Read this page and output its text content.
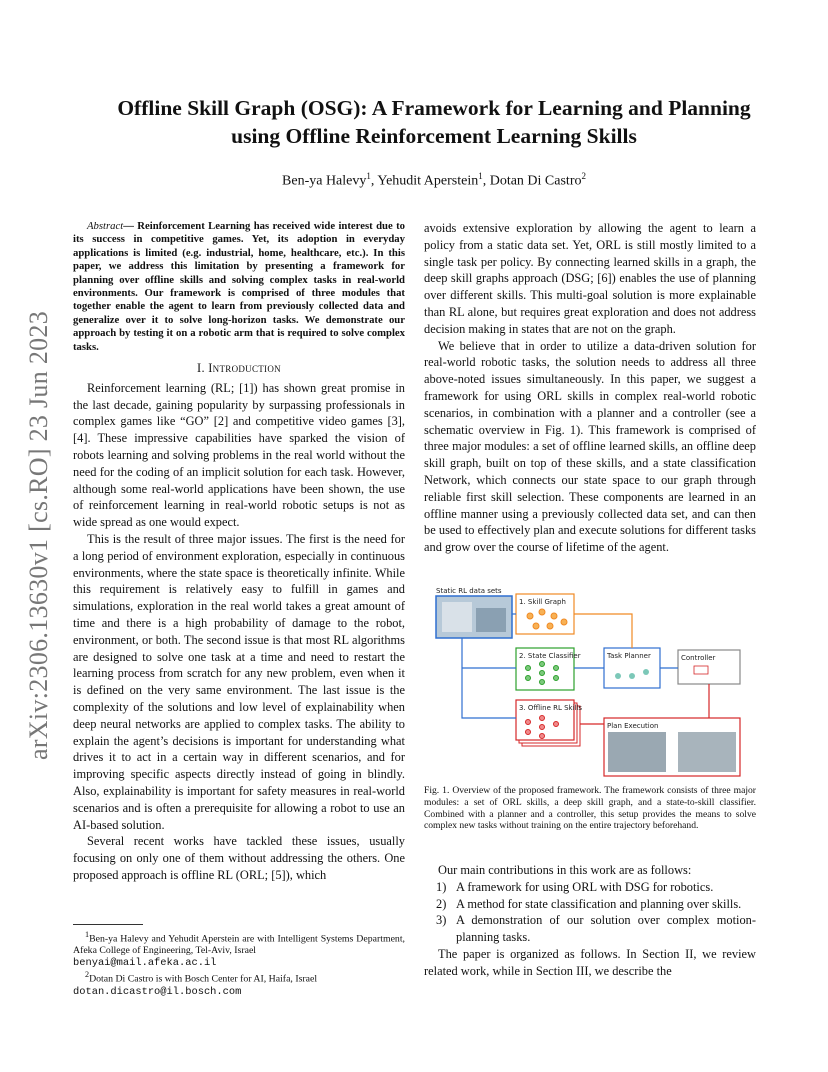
arXiv:2306.13630v1 [cs.RO] 23 Jun 2023
Offline Skill Graph (OSG): A Framework for Learning and Planning
using Offline Reinforcement Learning Skills
Ben-ya Halevy$^1$, Yehudit Aperstein$^1$, Dotan Di Castro$^2$

Abstract— Reinforcement Learning has received wide interest due to its success in competitive games. Yet, its adoption in everyday applications is limited (e.g. industrial, home, healthcare, etc.). In this paper, we address this limitation by presenting a framework for planning over offline skills and solving complex tasks in real-world environments. Our framework is comprised of three modules that together enable the agent to learn from previously collected data and generalize over it to solve long-horizon tasks. We demonstrate our approach by testing it on a robotic arm that is required to solve complex tasks.

I. Introduction

Reinforcement learning (RL; [1]) has shown great promise in the last decade, gaining popularity by surpassing professionals in complex games like “GO” [2] and competitive video games [3], [4]. These impressive capabilities have sparked the vision of robots learning and solving problems in the real world without the need for the coding of an implicit solution for each task. However, although some real-world applications have been shown, the use of reinforcement learning in real-world robotic setups is not as wide spread as one would expect.

This is the result of three major issues. The first is the need for a long period of environment exploration, especially in continuous environments, where the state space is theoretically infinite. While this requirement is relatively easy to fulfill in games and simulations, exploration in the real world takes a great amount of time and there is a high probability of damage to the robot, environment, or both. The second issue is that most RL algorithms are designed to solve one task at a time and need to restart the learning process from scratch for any new problem, even when it is defined on the very same environment. The last issue is the complexity of the solutions and low level of explainability when deep neural networks are applied to complex tasks. The ability to explain the agent’s decisions is important for understanding what drives it to act in a certain way in different scenarios, and for improving specific aspects directly instead of going in blindly. Also, explainability is important for safety measures in real-world scenarios and is often a prerequisite for allowing a robot to use an AI-based solution.

Several recent works have tackled these issues, usually focusing on only one of them without addressing the others. One proposed approach is offline RL (ORL; [5]), which

$^1$Ben-ya Halevy and Yehudit Aperstein are with Intelligent Systems Department, Afeka College of Engineering, Tel-Aviv, Israel
benyai@mail.afeka.ac.il

$^2$Dotan Di Castro is with Bosch Center for AI, Haifa, Israel
dotan.dicastro@il.bosch.com

avoids extensive exploration by allowing the agent to learn a policy from a static data set. Yet, ORL is still mostly limited to a single task per policy. By connecting learned skills in a graph, the deep skill graphs approach (DSG; [6]) enables the use of planning over different skills. This multi-goal solution is more explainable than RL alone, but requires great exploration and does not address decision making in states that are not on the graph.

We believe that in order to utilize a data-driven solution for real-world robotic tasks, the solution needs to address all three above-noted issues simultaneously. In this paper, we suggest a framework for using ORL skills in complex real-world robotic scenarios, in combination with a planner and a controller (see a schematic overview in Fig. 1). This framework is comprised of three major modules: a set of offline learned skills, an offline deep skill graph, built on top of these skills, and a state classification Network, which connects our state space to our graph through reliable first skill selection. These components are learned in an offline manner using a previously collected data set, and can then be used to effectively plan and execute solutions for different tasks and grow over the course of lifetime of the agent.

Static RL data sets
1. Skill Graph
2. State Classifier
3. Offline RL Skills
Task Planner	Controller
Plan Execution
Fig. 1. Overview of the proposed framework. The framework consists of three major modules: a set of ORL skills, a deep skill graph, and a state-to-skill classifier. Combined with a planner and a controller, this setup provides the means to solve complex new tasks without training on the entire trajectory beforehand.

Our main contributions in this work are as follows:

1) A framework for using ORL with DSG for robotics.
2) A method for state classification and planning over skills.
3) A demonstration of our solution over complex motion-planning tasks.

The paper is organized as follows. In Section II, we review related work, while in Section III, we describe the
